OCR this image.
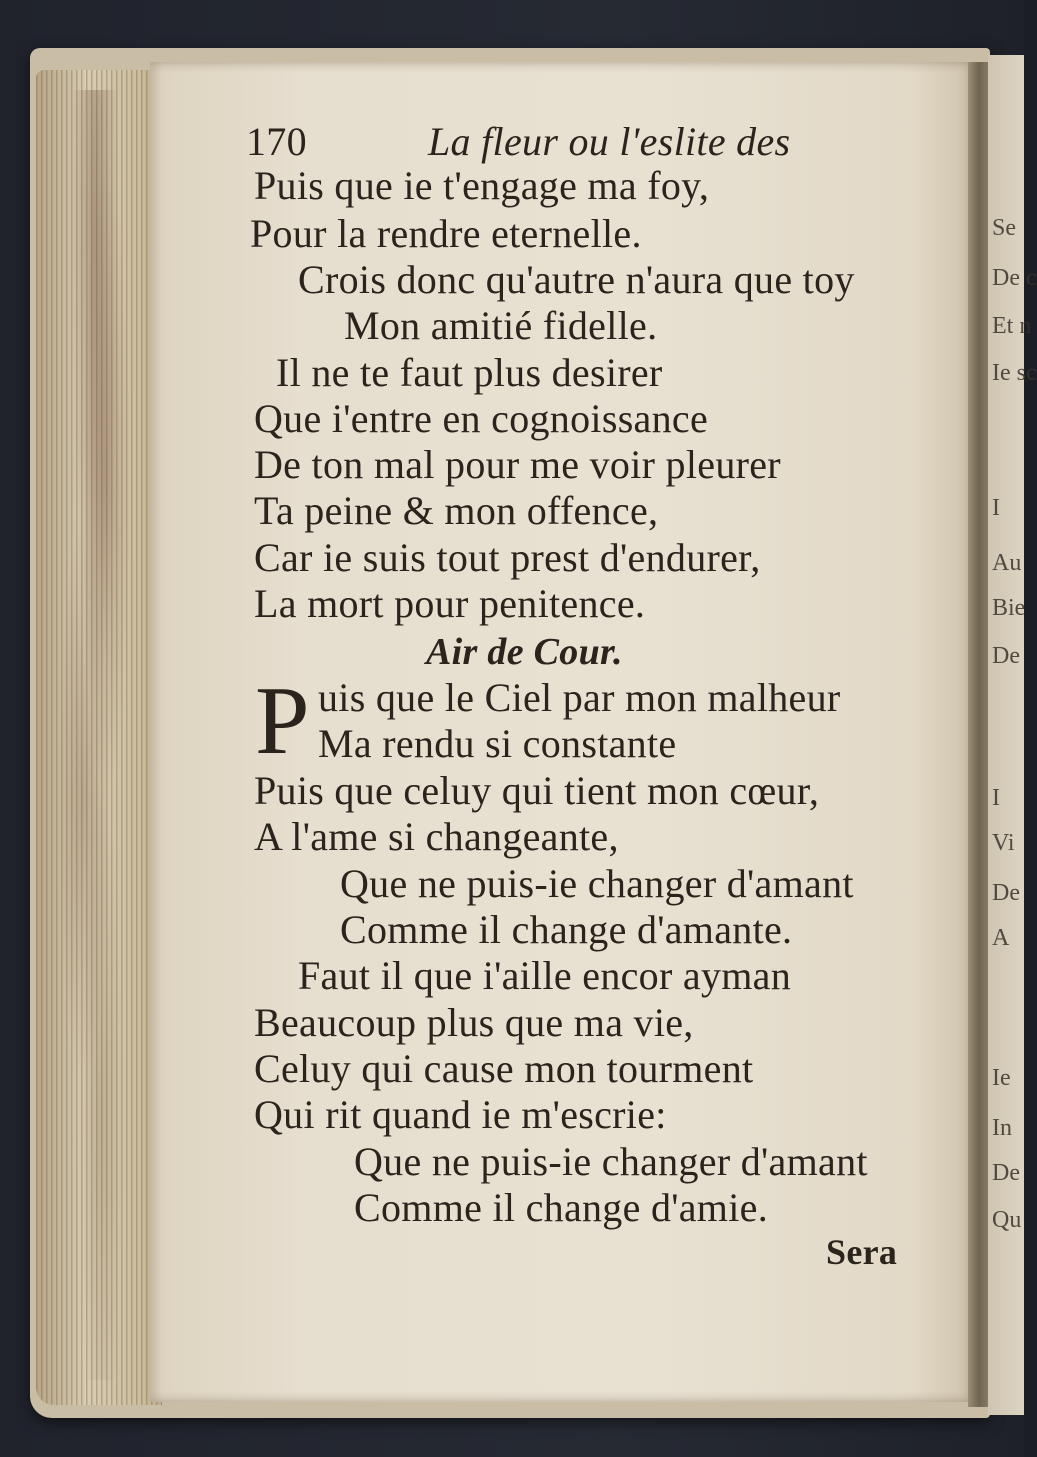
Se
De c
Et n
Ie sc
I
Au
Bie
De
I
Vi
De
A
Ie
In
De
Qu
170	La fleur ou l'eslite des
Puis que ie t'engage ma foy,
Pour la rendre eternelle.
Crois donc qu'autre n'aura que toy
Mon amitié fidelle.
Il ne te faut plus desirer
Que i'entre en cognoissance
De ton mal pour me voir pleurer
Ta peine & mon offence,
Car ie suis tout prest d'endurer,
La mort pour penitence.
Air de Cour.
P uis que le Ciel par mon malheur
Ma rendu si constante
Puis que celuy qui tient mon cœur,
A l'ame si changeante,
Que ne puis-ie changer d'amant
Comme il change d'amante.
Faut il que i'aille encor ayman
Beaucoup plus que ma vie,
Celuy qui cause mon tourment
Qui rit quand ie m'escrie:
Que ne puis-ie changer d'amant
Comme il change d'amie.
Sera
